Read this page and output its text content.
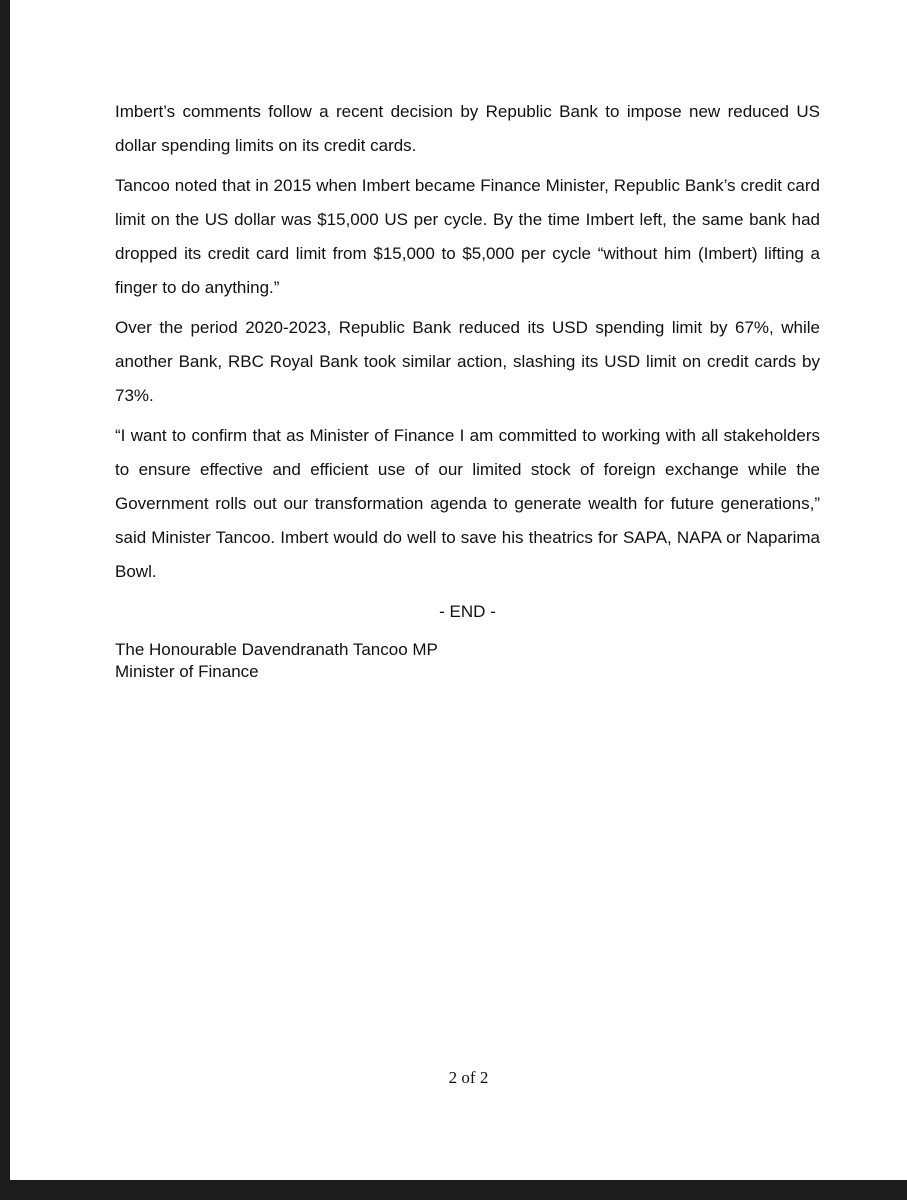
Imbert’s comments follow a recent decision by Republic Bank to impose new reduced US dollar spending limits on its credit cards.

Tancoo noted that in 2015 when Imbert became Finance Minister, Republic Bank’s credit card limit on the US dollar was $15,000 US per cycle. By the time Imbert left, the same bank had dropped its credit card limit from $15,000 to $5,000 per cycle “without him (Imbert) lifting a finger to do anything.”

Over the period 2020-2023, Republic Bank reduced its USD spending limit by 67%, while another Bank, RBC Royal Bank took similar action, slashing its USD limit on credit cards by 73%.

“I want to confirm that as Minister of Finance I am committed to working with all stakeholders to ensure effective and efficient use of our limited stock of foreign exchange while the Government rolls out our transformation agenda to generate wealth for future generations,” said Minister Tancoo. Imbert would do well to save his theatrics for SAPA, NAPA or Naparima Bowl.

- END -

The Honourable Davendranath Tancoo MP
Minister of Finance
2 of 2
